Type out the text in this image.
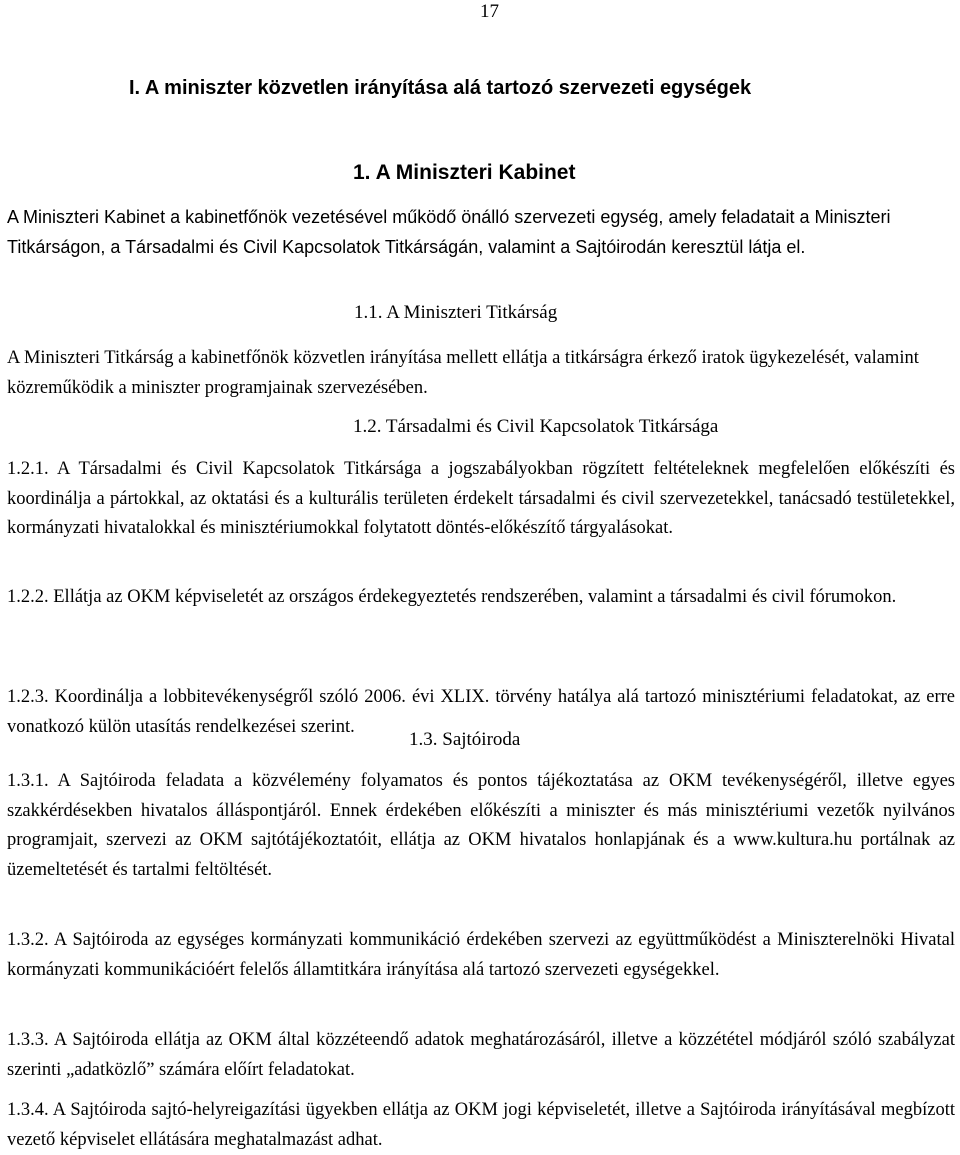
17
I. A miniszter közvetlen irányítása alá tartozó szervezeti egységek
1. A Miniszteri Kabinet
A Miniszteri Kabinet a kabinetfőnök vezetésével működő önálló szervezeti egység, amely feladatait a Miniszteri Titkárságon, a Társadalmi és Civil Kapcsolatok Titkárságán, valamint a Sajtóirodán keresztül látja el.
1.1. A Miniszteri Titkárság
A Miniszteri Titkárság a kabinetfőnök közvetlen irányítása mellett ellátja a titkárságra érkező iratok ügykezelését, valamint közreműködik a miniszter programjainak szervezésében.
1.2. Társadalmi és Civil Kapcsolatok Titkársága
1.2.1. A Társadalmi és Civil Kapcsolatok Titkársága a jogszabályokban rögzített feltételeknek megfelelően előkészíti és koordinálja a pártokkal, az oktatási és a kulturális területen érdekelt társadalmi és civil szervezetekkel, tanácsadó testületekkel, kormányzati hivatalokkal és minisztériumokkal folytatott döntés-előkészítő tárgyalásokat.
1.2.2. Ellátja az OKM képviseletét az országos érdekegyeztetés rendszerében, valamint a társadalmi és civil fórumokon.
1.2.3. Koordinálja a lobbitevékenységről szóló 2006. évi XLIX. törvény hatálya alá tartozó minisztériumi feladatokat, az erre vonatkozó külön utasítás rendelkezései szerint.
1.3. Sajtóiroda
1.3.1. A Sajtóiroda feladata a közvélemény folyamatos és pontos tájékoztatása az OKM tevékenységéről, illetve egyes szakkérdésekben hivatalos álláspontjáról. Ennek érdekében előkészíti a miniszter és más minisztériumi vezetők nyilvános programjait, szervezi az OKM sajtótájékoztatóit, ellátja az OKM hivatalos honlapjának és a www.kultura.hu portálnak az üzemeltetését és tartalmi feltöltését.
1.3.2. A Sajtóiroda az egységes kormányzati kommunikáció érdekében szervezi az együttműködést a Miniszterelnöki Hivatal kormányzati kommunikációért felelős államtitkára irányítása alá tartozó szervezeti egységekkel.
1.3.3. A Sajtóiroda ellátja az OKM által közzéteendő adatok meghatározásáról, illetve a közzététel módjáról szóló szabályzat szerinti „adatközlő” számára előírt feladatokat.
1.3.4. A Sajtóiroda sajtó-helyreigazítási ügyekben ellátja az OKM jogi képviseletét, illetve a Sajtóiroda irányításával megbízott vezető képviselet ellátására meghatalmazást adhat.
